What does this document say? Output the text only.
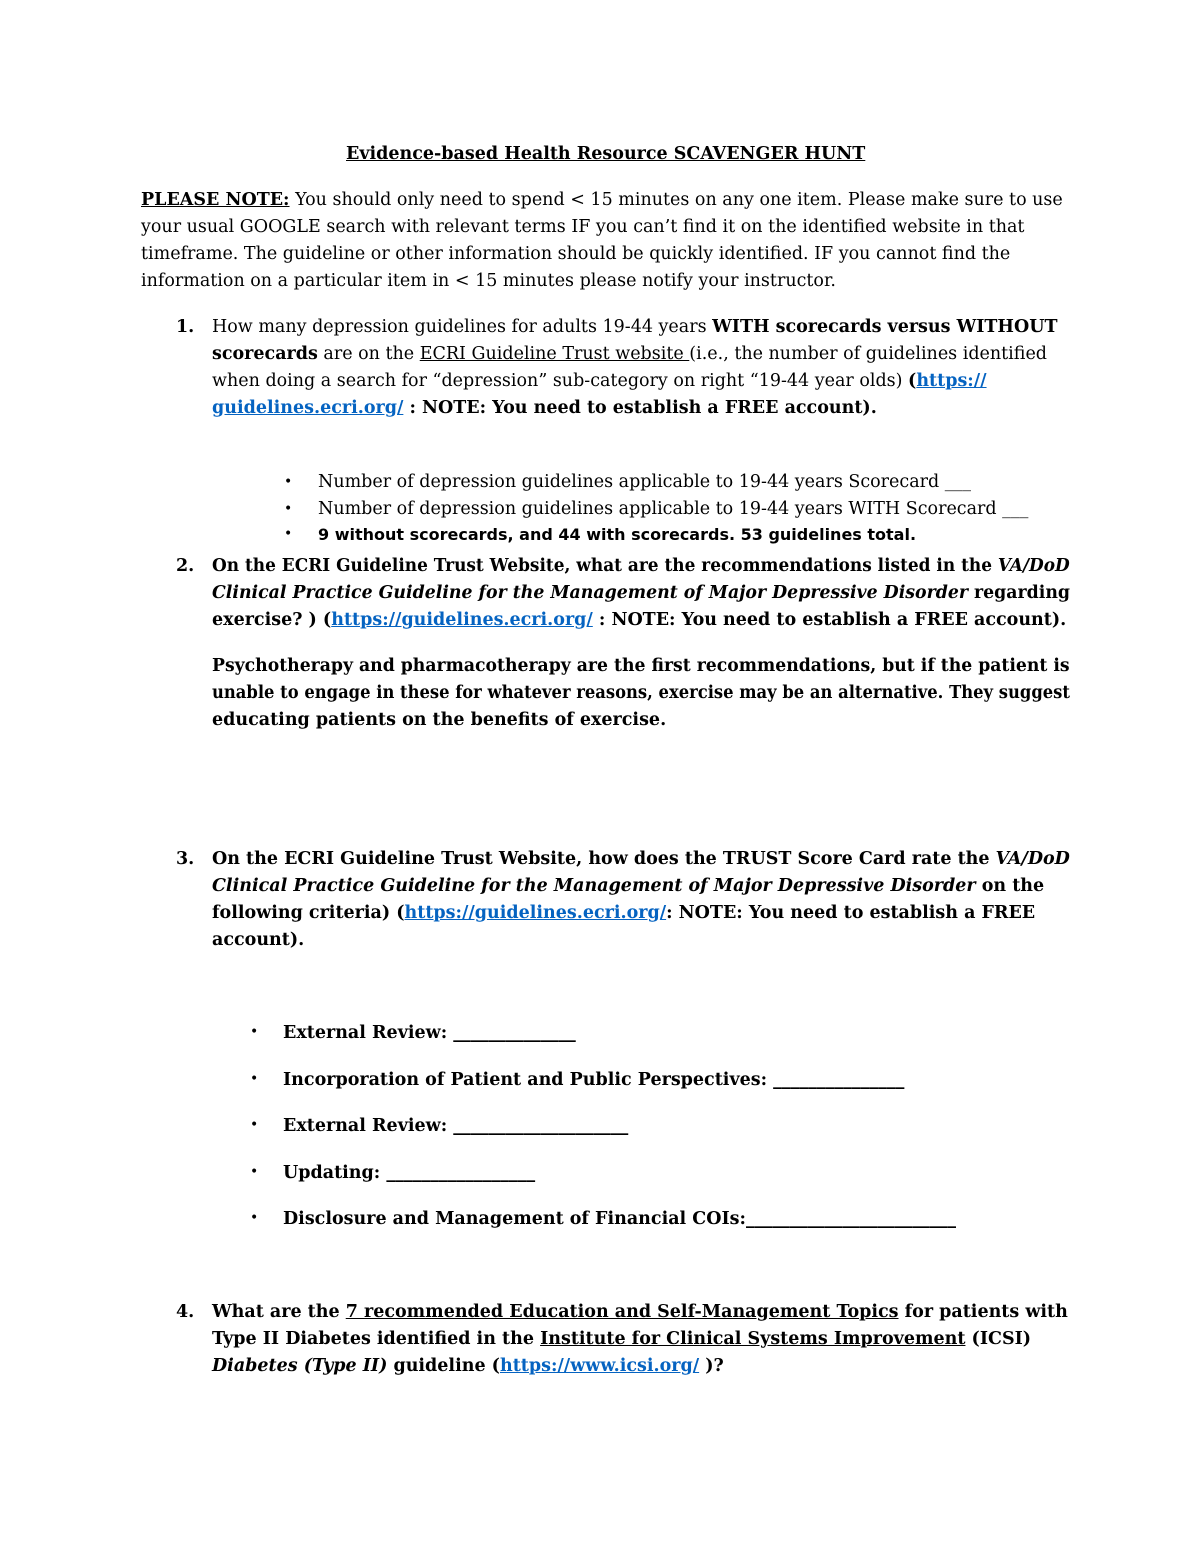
Evidence-based Health Resource SCAVENGER HUNT
PLEASE NOTE: You should only need to spend < 15 minutes on any one item. Please make sure to use
your usual GOOGLE search with relevant terms IF you can’t find it on the identified website in that
timeframe. The guideline or other information should be quickly identified. IF you cannot find the
information on a particular item in < 15 minutes please notify your instructor.
1. How many depression guidelines for adults 19-44 years WITH scorecards versus WITHOUT
scorecards are on the ECRI Guideline Trust website (i.e., the number of guidelines identified
when doing a search for “depression” sub-category on right “19-44 year olds) (https://
guidelines.ecri.org/ : NOTE: You need to establish a FREE account).
• Number of depression guidelines applicable to 19-44 years Scorecard ___
• Number of depression guidelines applicable to 19-44 years WITH Scorecard ___
• 9 without scorecards, and 44 with scorecards. 53 guidelines total.
2. On the ECRI Guideline Trust Website, what are the recommendations listed in the VA/DoD
Clinical Practice Guideline for the Management of Major Depressive Disorder regarding
exercise? ) (https://guidelines.ecri.org/ : NOTE: You need to establish a FREE account).
Psychotherapy and pharmacotherapy are the first recommendations, but if the patient is
unable to engage in these for whatever reasons, exercise may be an alternative. They suggest
educating patients on the benefits of exercise.
3. On the ECRI Guideline Trust Website, how does the TRUST Score Card rate the VA/DoD
Clinical Practice Guideline for the Management of Major Depressive Disorder on the
following criteria) (https://guidelines.ecri.org/: NOTE: You need to establish a FREE
account).
• External Review: ______________
• Incorporation of Patient and Public Perspectives: _______________
• External Review: ____________________
• Updating: _________________
• Disclosure and Management of Financial COIs:________________________
4. What are the 7 recommended Education and Self-Management Topics for patients with
Type II Diabetes identified in the Institute for Clinical Systems Improvement (ICSI)
Diabetes (Type II) guideline (https://www.icsi.org/ )?
